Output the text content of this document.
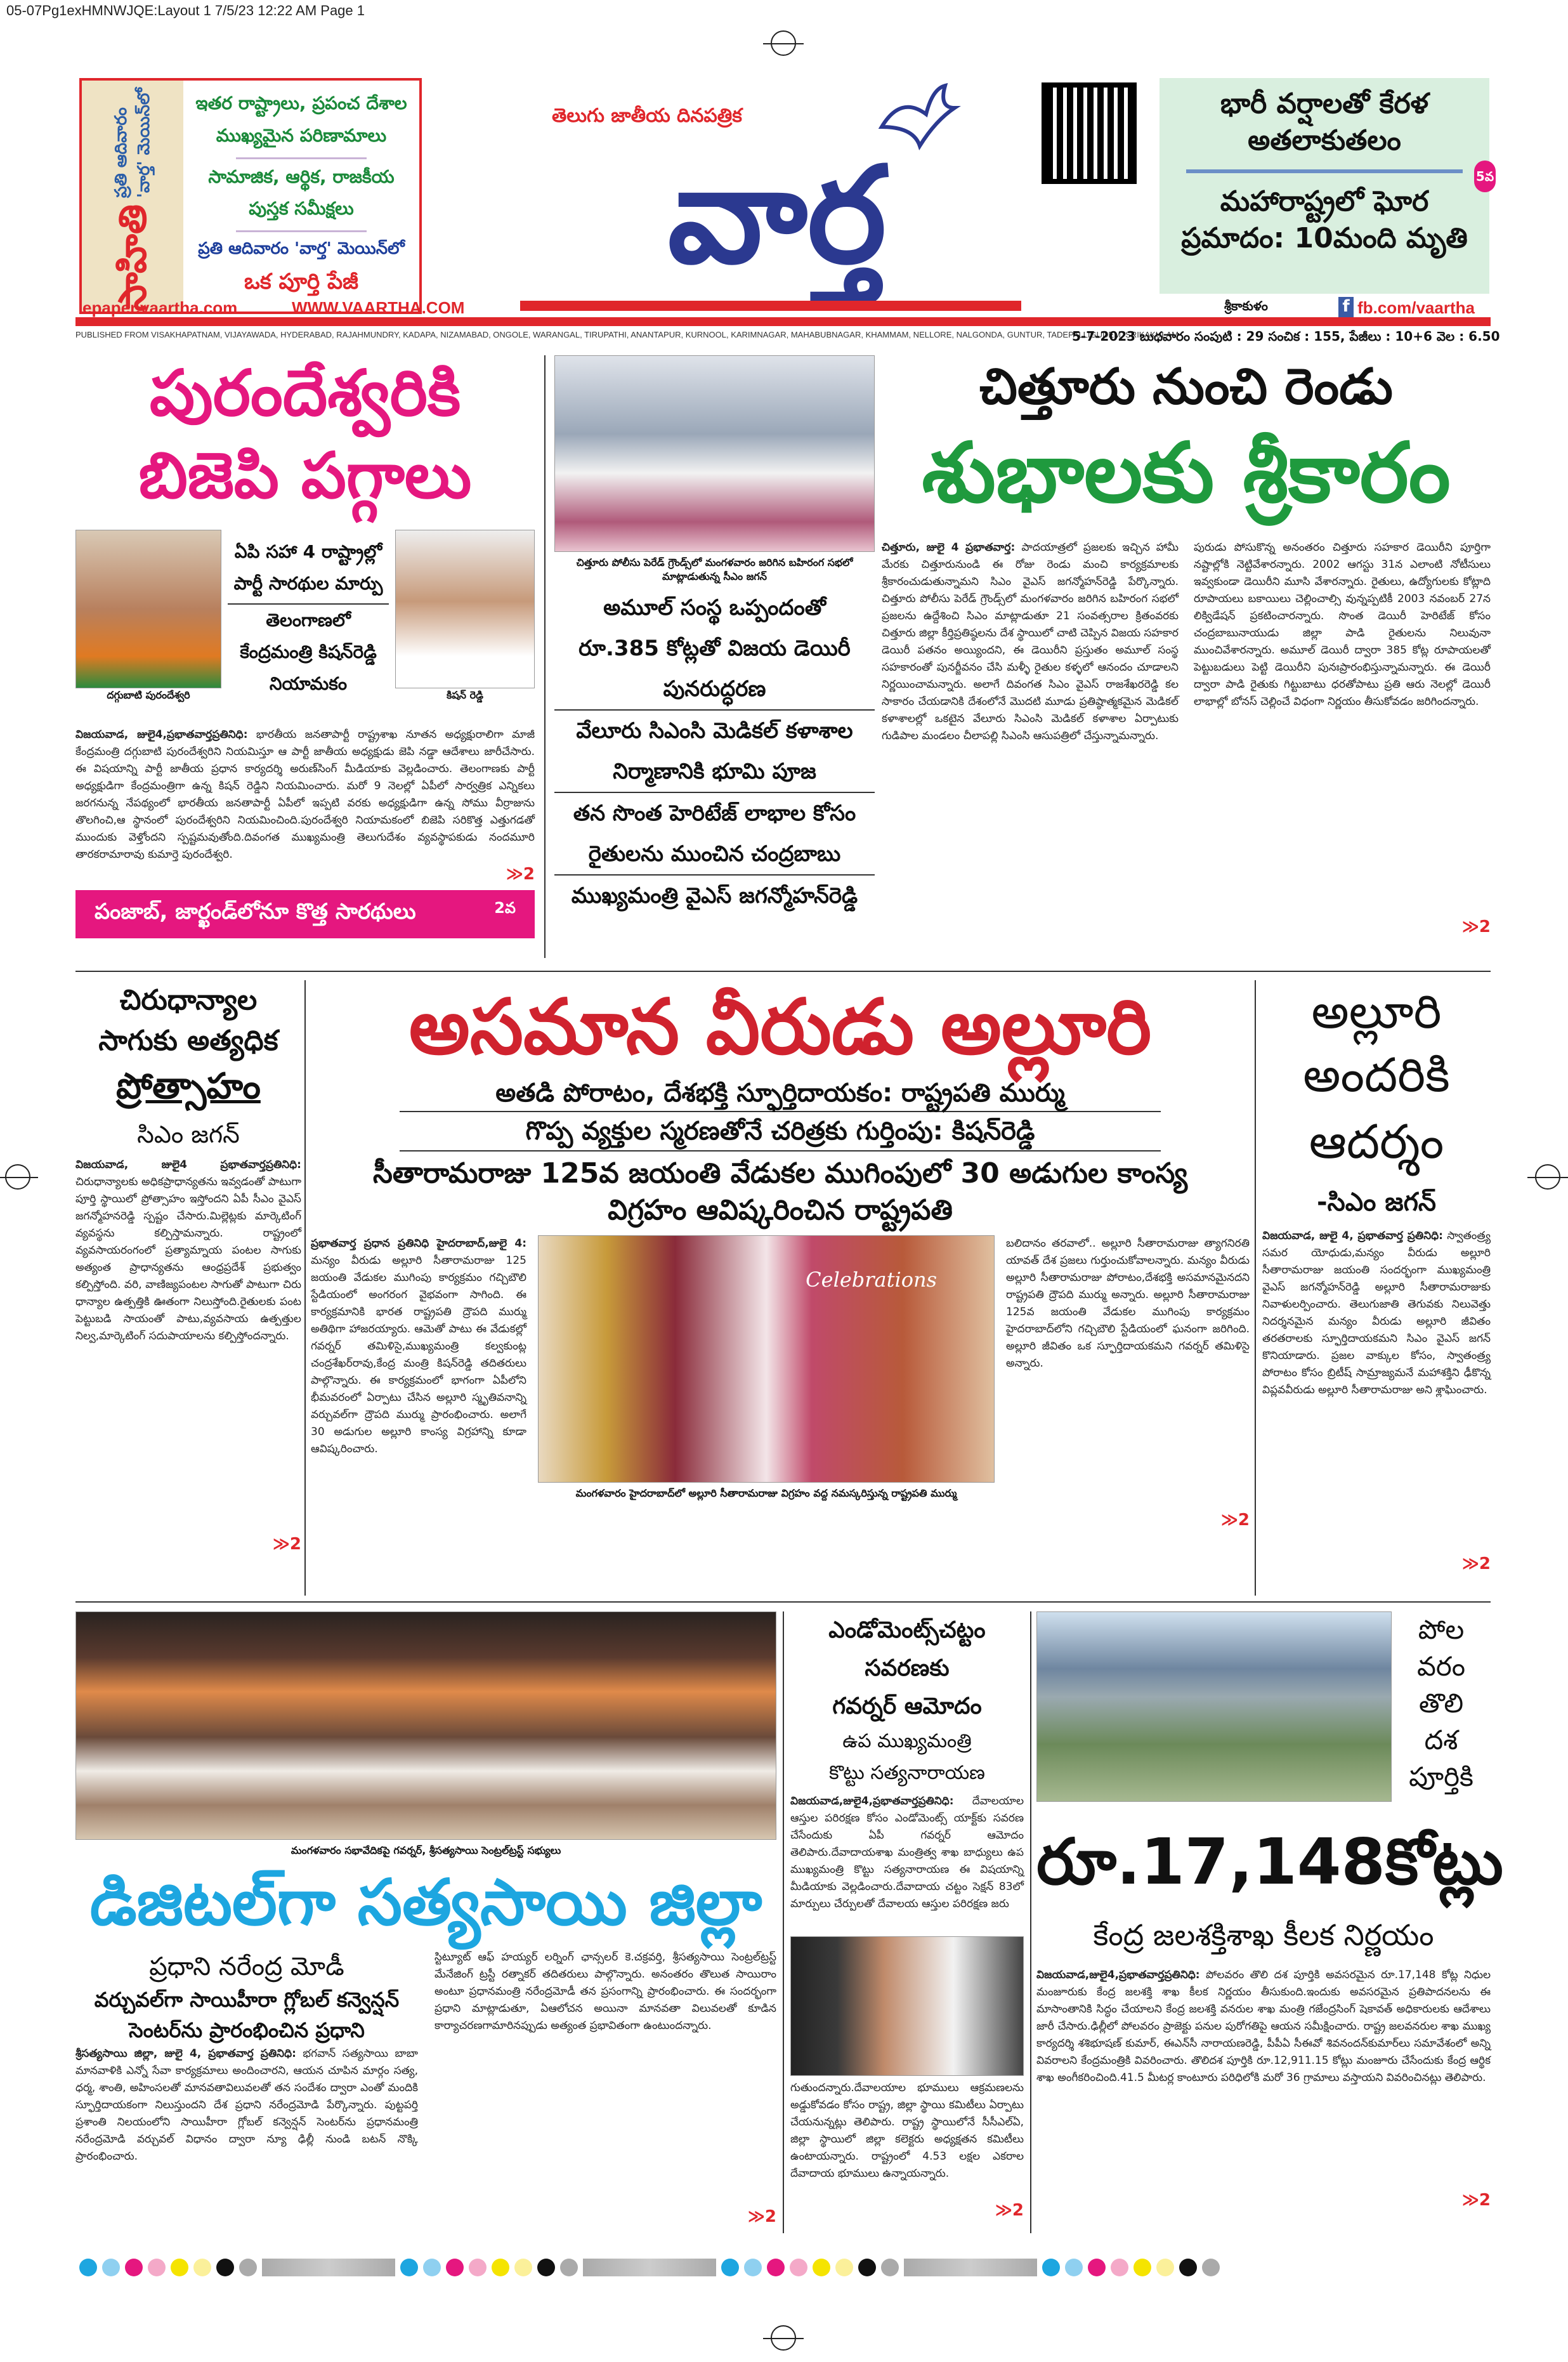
05-07Pg1exHMNWJQE:Layout 1 7/5/23 12:22 AM Page 1
సాహితి
ప్రతి ఆదివారం 'వార్త' మెయిన్‌లో ఇతర రాష్ట్రాలు, ప్రపంచ దేశాల
ముఖ్యమైన పరిణామాలు
సామాజిక, ఆర్థిక, రాజకీయ
పుస్తక సమీక్షలు
ప్రతి ఆదివారం 'వార్త' మెయిన్‌లో
ఒక పూర్తి పేజీ	వార్త
తెలుగు జాతీయ దినపత్రిక	భారీ వర్షాలతో కేరళ అతలాకుతలం
5వ
మహారాష్ట్రలో ఘోర ప్రమాదం: 10మంది మృతి
epaper.vaartha.com	WWW.VAARTHA.COM	శ్రీకాకుళం	f fb.com/vaartha
PUBLISHED FROM VISAKHAPATNAM, VIJAYAWADA, HYDERABAD, RAJAHMUNDRY, KADAPA, NIZAMABAD, ONGOLE, WARANGAL, TIRUPATHI, ANANTAPUR, KURNOOL, KARIMNAGAR, MAHABUBNAGAR, KHAMMAM, NELLORE, NALGONDA, GUNTUR, TADEPALLIGUDEM, SRIKAKULAM
5-7-2023 బుధవారం సంపుటి : 29 సంచిక : 155, పేజీలు : 10+6 వెల : 6.50
పురందేశ్వరికి
బిజెపి పగ్గాలు
దగ్గుబాటి పురందేశ్వరి
ఏపి సహా 4 రాష్ట్రాల్లో పార్టీ సారథుల మార్పు
తెలంగాణలో కేంద్రమంత్రి కిషన్‌రెడ్డి నియామకం
కిషన్ రెడ్డి
విజయవాడ, జులై4,ప్రభాతవార్తప్రతినిధి: భారతీయ జనతాపార్టీ రాష్ట్రశాఖ నూతన అధ్యక్షురాలిగా మాజీ కేంద్రమంత్రి దగ్గుబాటి పురందేశ్వరిని నియమిస్తూ ఆ పార్టీ జాతీయ అధ్యక్షుడు జెపి నడ్డా ఆదేశాలు జారీచేసారు. ఈ విషయాన్ని పార్టీ జాతీయ ప్రధాన కార్యదర్శి అరుణ్‌సింగ్ మీడియాకు వెల్లడించారు. తెలంగాణకు పార్టీ అధ్యక్షుడిగా కేంద్రమంత్రిగా ఉన్న కిషన్ రెడ్డిని నియమించారు. మరో 9 నెలల్లో ఏపీలో సార్వత్రిక ఎన్నికలు జరగనున్న నేపథ్యంలో భారతీయ జనతాపార్టీ ఏపీలో ఇప్పటి వరకు అధ్యక్షుడిగా ఉన్న సోము వీర్రాజును తొలగించి,ఆ స్థానంలో పురందేశ్వరిని నియమించింది.పురందేశ్వరి నియామకంలో బిజెపి సరికొత్త ఎత్తుగడతో ముందుకు వెళ్తోందని స్పష్టమవుతోంది.దివంగత ముఖ్యమంత్రి తెలుగుదేశం వ్యవస్థాపకుడు నందమూరి తారకరామారావు కుమార్తె పురందేశ్వరి.
≫2
పంజాబ్, జార్ఖండ్‌లోనూ కొత్త సారథులు	2వ
చిత్తూరు పోలీసు పెరేడ్ గ్రౌండ్స్‌లో మంగళవారం జరిగిన బహిరంగ సభలో మాట్లాడుతున్న సీఎం జగన్
అమూల్ సంస్థ ఒప్పందంతో
రూ.385 కోట్లతో విజయ డెయిరీ
పునరుద్ధరణ
వేలూరు సిఎంసి మెడికల్ కళాశాల
నిర్మాణానికి భూమి పూజ
తన సొంత హెరిటేజ్ లాభాల కోసం
రైతులను ముంచిన చంద్రబాబు
ముఖ్యమంత్రి వైఎస్ జగన్మోహన్‌రెడ్డి
చిత్తూరు నుంచి రెండు
శుభాలకు శ్రీకారం
చిత్తూరు, జులై 4 ప్రభాతవార్త: పాదయాత్రలో ప్రజలకు ఇచ్చిన హామీ మేరకు చిత్తూరునుండి ఈ రోజు రెండు మంచి కార్యక్రమాలకు శ్రీకారంచుడుతున్నామని సిఎం వైఎస్ జగన్మోహన్‌రెడ్డి పేర్కొన్నారు. చిత్తూరు పోలీసు పెరేడ్ గ్రౌండ్స్‌లో మంగళవారం జరిగిన బహిరంగ సభలో ప్రజలను ఉద్దేశించి సిఎం మాట్లాడుతూ 21 సంవత్సరాల క్రితంవరకు చిత్తూరు జిల్లా కీర్తిప్రతిష్ఠలను దేశ స్థాయిలో చాటి చెప్పిన విజయ సహకార డెయిరీ పతనం అయ్యిందని, ఈ డెయిరీని ప్రస్తుతం అమూల్ సంస్థ సహకారంతో పునర్జీవనం చేసి మళ్ళీ రైతుల కళ్ళలో ఆనందం చూడాలని నిర్ణయించామన్నారు. అలాగే దివంగత సిఎం వైఎస్ రాజశేఖరరెడ్డి కల సాకారం చేయడానికి దేశంలోనే మొదటి మూడు ప్రతిష్ఠాత్మకమైన మెడికల్ కళాశాలల్లో ఒకటైన వేలూరు సిఎంసి మెడికల్ కళాశాల ఏర్పాటుకు గుడిపాల మండలం చీలాపల్లి సిఎంసి ఆసుపత్రిలో చేస్తున్నామన్నారు.
పురుడు పోసుకొన్న అనంతరం చిత్తూరు సహకార డెయిరీని పూర్తిగా నష్టాల్లోకి నెట్టివేశారన్నారు. 2002 ఆగస్టు 31న ఎలాంటి నోటీసులు ఇవ్వకుండా డెయిరీని మూసి వేశారన్నారు. రైతులు, ఉద్యోగులకు కోట్లాది రూపాయలు బకాయిలు చెల్లించాల్సి వున్నప్పటికీ 2003 నవంబర్ 27న లిక్విడేషన్ ప్రకటించారన్నారు. సొంత డెయిరీ హెరిటేజ్ కోసం చంద్రబాబునాయుడు జిల్లా పాడి రైతులను నిలువునా ముంచివేశారన్నారు. అమూల్ డెయిరీ ద్వారా 385 కోట్ల రూపాయలతో పెట్టుబడులు పెట్టి డెయిరీని పునఃప్రారంభిస్తున్నామన్నారు. ఈ డెయిరీ ద్వారా పాడి రైతుకు గిట్టుబాటు ధరతోపాటు ప్రతి ఆరు నెలల్లో డెయిరీ లాభాల్లో బోనస్ చెల్లించే విధంగా నిర్ణయం తీసుకోవడం జరిగిందన్నారు.
≫2
చిరుధాన్యాల
సాగుకు అత్యధిక
ప్రోత్సాహం
సిఎం జగన్
విజయవాడ, జులై4 ప్రభాతవార్తప్రతినిధి: చిరుధాన్యాలకు అధికప్రాధాన్యతను ఇవ్వడంతో పాటుగా పూర్తి స్థాయిలో ప్రోత్సాహం ఇస్తోందని ఏపీ సీఎం వైఎస్ జగన్మోహనరెడ్డి స్పష్టం చేసారు.మిల్లెట్లకు మార్కెటింగ్ వ్యవస్థను కల్పిస్తామన్నారు. రాష్ట్రంలో వ్యవసాయరంగంలో ప్రత్యామ్నాయ పంటల సాగుకు అత్యంత ప్రాధాన్యతను ఆంధ్రప్రదేశ్ ప్రభుత్వం కల్పిస్తోంది. వరి, వాణిజ్యపంటల సాగుతో పాటుగా చిరు ధాన్యాల ఉత్పత్తికి ఊతంగా నిలుస్తోంది.రైతులకు పంట పెట్టుబడి సాయంతో పాటు,వ్యవసాయ ఉత్పత్తుల నిల్వ,మార్కెటింగ్ సదుపాయాలను కల్పిస్తోందన్నారు.
≫2
అసమాన వీరుడు అల్లూరి
అతడి పోరాటం, దేశభక్తి స్ఫూర్తిదాయకం: రాష్ట్రపతి ముర్ము
గొప్ప వ్యక్తుల స్మరణతోనే చరిత్రకు గుర్తింపు: కిషన్‌రెడ్డి
సీతారామరాజు 125వ జయంతి వేడుకల ముగింపులో 30 అడుగుల కాంస్య విగ్రహం ఆవిష్కరించిన రాష్ట్రపతి
ప్రభాతవార్త ప్రధాన ప్రతినిధి హైదరాబాద్,జులై 4: మన్యం వీరుడు అల్లూరి సీతారామరాజు 125 జయంతి వేడుకల ముగింపు కార్యక్రమం గచ్చిబౌలి స్టేడియంలో అంగరంగ వైభవంగా సాగింది. ఈ కార్యక్రమానికి భారత రాష్ట్రపతి ద్రౌపది ముర్ము అతిథిగా హాజరయ్యారు. ఆమెతో పాటు ఈ వేడుకల్లో గవర్నర్ తమిళిసై,ముఖ్యమంత్రి కల్వకుంట్ల చంద్రశేఖర్‌రావు,కేంద్ర మంత్రి కిషన్‌రెడ్డి తదితరులు పాల్గొన్నారు. ఈ కార్యక్రమంలో భాగంగా ఏపీలోని భీమవరంలో ఏర్పాటు చేసిన అల్లూరి స్మృతివనాన్ని వర్చువల్‌గా ద్రౌపది ముర్ము ప్రారంభించారు. అలాగే 30 అడుగుల అల్లూరి కాంస్య విగ్రహాన్ని కూడా ఆవిష్కరించారు.
Celebrations
మంగళవారం హైదరాబాద్‌లో అల్లూరి సీతారామరాజు విగ్రహం వద్ద నమస్కరిస్తున్న రాష్ట్రపతి ముర్ము
బలిదానం తరవాలో.. అల్లూరి సీతారామరాజు త్యాగనిరతి యావత్ దేశ ప్రజలు గుర్తుంచుకోవాలన్నారు. మన్యం వీరుడు అల్లూరి సీతారామరాజు పోరాటం,దేశభక్తి అసమానమైనదని రాష్ట్రపతి ద్రౌపది ముర్ము అన్నారు. అల్లూరి సీతారామరాజు 125వ జయంతి వేడుకల ముగింపు కార్యక్రమం హైదరాబాద్‌లోని గచ్చిబౌలి స్టేడియంలో ఘనంగా జరిగింది. అల్లూరి జీవితం ఒక స్ఫూర్తిదాయకమని గవర్నర్ తమిళిసై అన్నారు.
≫2
అల్లూరి
అందరికి
ఆదర్శం
-సిఎం జగన్
విజయవాడ, జులై 4, ప్రభాతవార్త ప్రతినిధి: స్వాతంత్ర్య సమర యోధుడు,మన్యం వీరుడు అల్లూరి సీతారామరాజు జయంతి సందర్భంగా ముఖ్యమంత్రి వైఎస్ జగన్మోహన్‌రెడ్డి అల్లూరి సీతారామరాజుకు నివాళులర్పించారు. తెలుగుజాతి తెగువకు నిలువెత్తు నిదర్శనమైన మన్యం వీరుడు అల్లూరి జీవితం తరతరాలకు స్ఫూర్తిదాయకమని సిఎం వైఎస్ జగన్ కొనియాడారు. ప్రజల వాక్కుల కోసం, స్వాతంత్ర్య పోరాటం కోసం బ్రిటీష్ సామ్రాజ్యమనే మహాశక్తిని ఢీకొన్న విప్లవవీరుడు అల్లూరి సీతారామరాజు అని శ్లాఘించారు.
≫2
మంగళవారం సభావేదికపై గవర్నర్, శ్రీసత్యసాయి సెంట్రల్‌ట్రస్ట్ సభ్యులు
డిజిటల్‌గా సత్యసాయి జిల్లా
ప్రధాని నరేంద్ర మోడీ
వర్చువల్‌గా సాయిహీరా గ్లోబల్ కన్వెన్షన్ సెంటర్‌ను ప్రారంభించిన ప్రధాని
శ్రీసత్యసాయి జిల్లా, జులై 4, ప్రభాతవార్త ప్రతినిధి: భగవాన్ సత్యసాయి బాబా మానవాళికి ఎన్నో సేవా కార్యక్రమాలు అందించారని, ఆయన చూపిన మార్గం సత్య, ధర్మ, శాంతి, అహింసలతో మానవతావిలువలతో తన సందేశం ద్వారా ఎంతో మందికి స్ఫూర్తిదాయకంగా నిలుస్తుందని దేశ ప్రధాని నరేంద్రమోడి పేర్కొన్నారు. పుట్టపర్తి ప్రశాంతి నిలయంలోని సాయిహీరా గ్లోబల్ కన్వెన్షన్ సెంటర్‌ను ప్రధానమంత్రి నరేంద్రమోడి వర్చువల్ విధానం ద్వారా న్యూ ఢిల్లీ నుండి బటన్ నొక్కి ప్రారంభించారు.
స్టిట్యూట్ ఆఫ్ హయ్యర్ లర్నింగ్ ఛాన్సలర్ కె.చక్రవర్తి, శ్రీసత్యసాయి సెంట్రల్‌ట్రస్ట్ మేనేజింగ్ ట్రస్టీ రత్నాకర్ తదితరులు పాల్గొన్నారు. అనంతరం తొలుత సాయిరాం అంటూ ప్రధానమంత్రి నరేంద్రమోడీ తన ప్రసంగాన్ని ప్రారంభించారు. ఈ సందర్భంగా ప్రధాని మాట్లాడుతూ, ఏఆలోచన అయినా మానవతా విలువలతో కూడిన కార్యాచరణగామారినప్పుడు అత్యంత ప్రభావితంగా ఉంటుందన్నారు.
≫2
ఎండోమెంట్స్‌చట్టం
సవరణకు
గవర్నర్ ఆమోదం
ఉప ముఖ్యమంత్రి
కొట్టు సత్యనారాయణ
విజయవాడ,జులై4,ప్రభాతవార్తప్రతినిధి: దేవాలయాల ఆస్తుల పరిరక్షణ కోసం ఎండోమెంట్స్ యాక్ట్‌కు సవరణ చేసేందుకు ఏపీ గవర్నర్ ఆమోదం తెలిపారు.దేవాదాయశాఖ మంత్రిత్వ శాఖ బాధ్యులు ఉప ముఖ్యమంత్రి కొట్టు సత్యనారాయణ ఈ విషయాన్ని మీడియాకు వెల్లడించారు.దేవాదాయ చట్టం సెక్షన్ 83లో మార్పులు చేర్పులతో దేవాలయ ఆస్తుల పరిరక్షణ జరు
గుతుందన్నారు.దేవాలయాల భూములు ఆక్రమణలను అడ్డుకోవడం కోసం రాష్ట్ర, జిల్లా స్థాయి కమిటీలు ఏర్పాటు చేయనున్నట్లు తెలిపారు. రాష్ట్ర స్థాయిలోనే సీసీఎల్ఏ, జిల్లా స్థాయిలో జిల్లా కలెక్టరు అధ్యక్షతన కమిటీలు ఉంటాయన్నారు. రాష్ట్రంలో 4.53 లక్షల ఎకరాల దేవాదాయ భూములు ఉన్నాయన్నారు.
≫2
పోల
వరం
తొలి
దశ
పూర్తికి
రూ.17,148కోట్లు
కేంద్ర జలశక్తిశాఖ కీలక నిర్ణయం
విజయవాడ,జులై4,ప్రభాతవార్తప్రతినిధి: పోలవరం తొలి దశ పూర్తికి అవసరమైన రూ.17,148 కోట్ల నిధుల మంజూరుకు కేంద్ర జలశక్తి శాఖ కీలక నిర్ణయం తీసుకుంది.ఇందుకు అవసరమైన ప్రతిపాదనలను ఈ మాసాంతానికి సిద్ధం చేయాలని కేంద్ర జలశక్తి వనరుల శాఖ మంత్రి గజేంద్రసింగ్ షెకావత్ అధికారులకు ఆదేశాలు జారీ చేసారు.ఢిల్లీలో పోలవరం ప్రాజెక్టు పనుల పురోగతిపై ఆయన సమీక్షించారు. రాష్ట్ర జలవనరుల శాఖ ముఖ్య కార్యదర్శి శశిభూషణ్ కుమార్, ఈఎన్‌సీ నారాయణరెడ్డి, పీపీఏ సీఈవో శివనందన్‌కుమార్‌లు సమావేశంలో అన్ని వివరాలని కేంద్రమంత్రికి వివరించారు. తొలిదశ పూర్తికి రూ.12,911.15 కోట్లు మంజూరు చేసేందుకు కేంద్ర ఆర్థిక శాఖ అంగీకరించింది.41.5 మీటర్ల కాంటూరు పరిధిలోకి మరో 36 గ్రామాలు వస్తాయని వివరించినట్లు తెలిపారు.
≫2
